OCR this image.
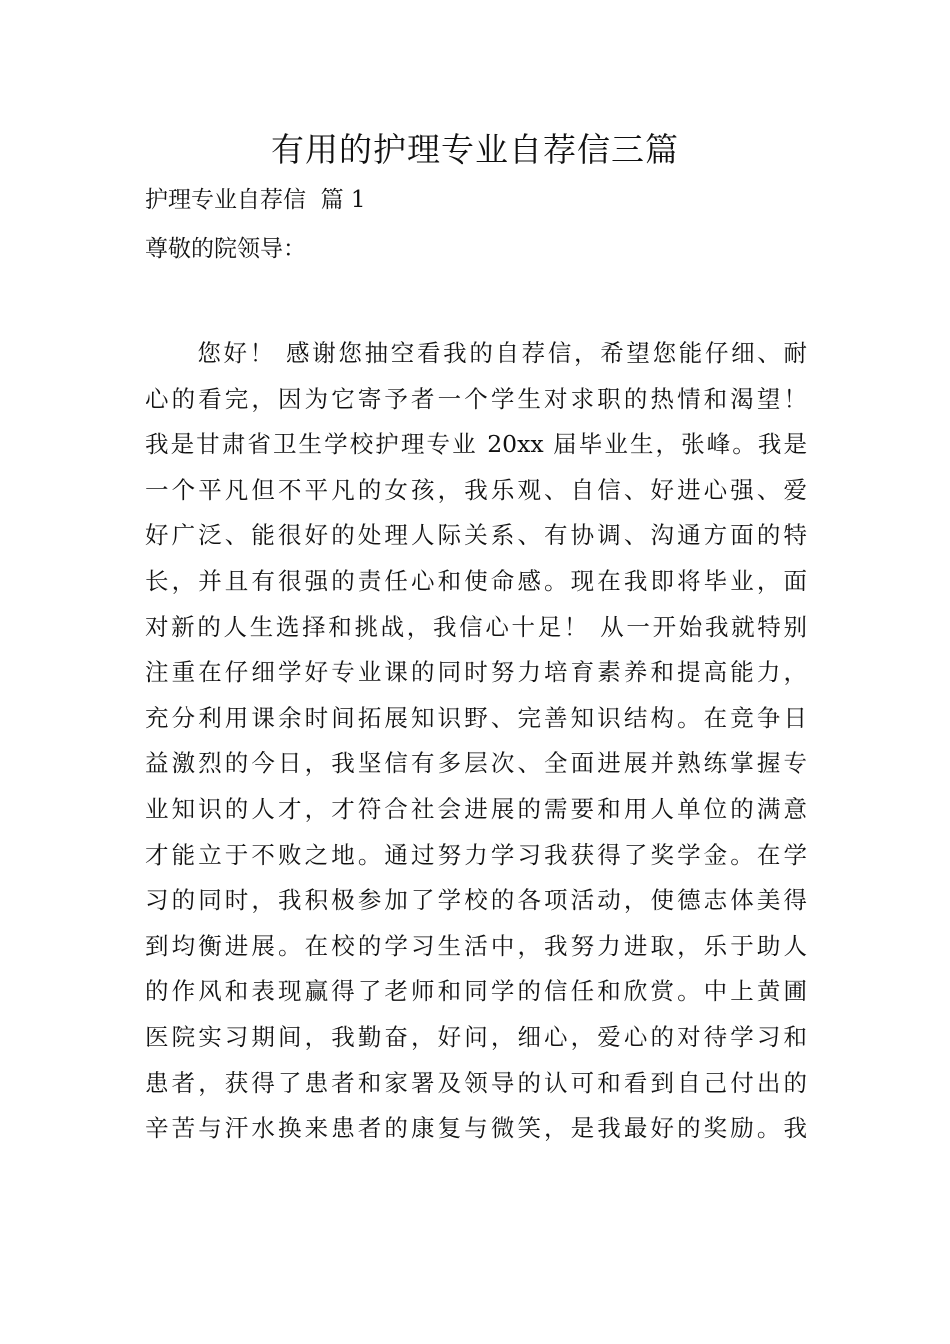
有用的护理专业自荐信三篇
护理专业自荐信  篇 1
尊敬的院领导：
　　您好！ 感谢您抽空看我的自荐信，希望您能仔细、耐
心的看完，因为它寄予者一个学生对求职的热情和渴望！
我是甘肃省卫生学校护理专业 20xx 届毕业生，张峰。我是
一个平凡但不平凡的女孩，我乐观、自信、好进心强、爱
好广泛、能很好的处理人际关系、有协调、沟通方面的特
长，并且有很强的责任心和使命感。现在我即将毕业，面
对新的人生选择和挑战，我信心十足！ 从一开始我就特别
注重在仔细学好专业课的同时努力培育素养和提高能力，
充分利用课余时间拓展知识野、完善知识结构。在竞争日
益激烈的今日，我坚信有多层次、全面进展并熟练掌握专
业知识的人才，才符合社会进展的需要和用人单位的满意
才能立于不败之地。通过努力学习我获得了奖学金。在学
习的同时，我积极参加了学校的各项活动，使德志体美得
到均衡进展。在校的学习生活中，我努力进取，乐于助人
的作风和表现赢得了老师和同学的信任和欣赏。中上黄圃
医院实习期间，我勤奋，好问，细心，爱心的对待学习和
患者，获得了患者和家署及领导的认可和看到自己付出的
辛苦与汗水换来患者的康复与微笑，是我最好的奖励。我
